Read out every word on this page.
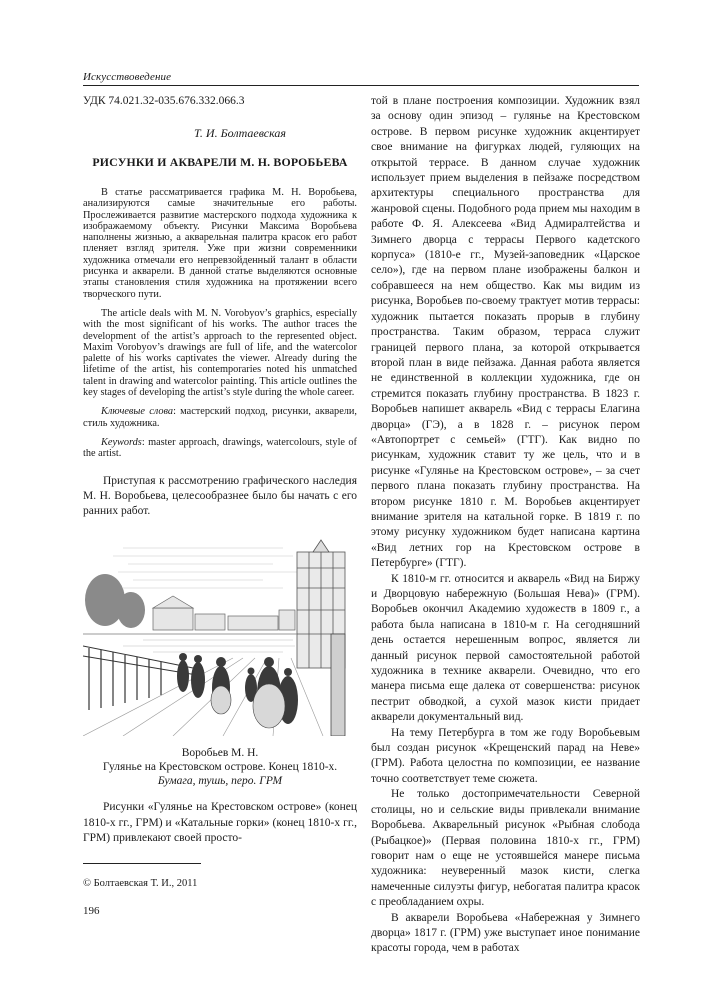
Искусствоведение
УДК 74.021.32-035.676.332.066.3
Т. И. Болтаевская
РИСУНКИ И АКВАРЕЛИ М. Н. ВОРОБЬЕВА

В статье рассматривается графика М. Н. Воробьева, анализируются самые значительные его работы. Прослеживается развитие мастерского подхода художника к изображаемому объекту. Рисунки Максима Воробьева наполнены жизнью, а акварельная палитра красок его работ пленяет взгляд зрителя. Уже при жизни современники художника отмечали его непревзойденный талант в области рисунка и акварели. В данной статье выделяются основные этапы становления стиля художника на протяжении всего творческого пути.

The article deals with M. N. Vorobyov’s graphics, especially with the most significant of his works. The author traces the development of the artist’s approach to the represented object. Maxim Vorobyov’s drawings are full of life, and the watercolor palette of his works captivates the viewer. Already during the lifetime of the artist, his contemporaries noted his unmatched talent in drawing and watercolor painting. This article outlines the key stages of developing the artist’s style during the whole career.

Ключевые слова: мастерский подход, рисунки, акварели, стиль художника.

Keywords: master approach, drawings, watercolours, style of the artist.

Приступая к рассмотрению графического наследия М. Н. Воробьева, целесообразнее было бы начать с его ранних работ.

Воробьев М. Н.
Гулянье на Крестовском острове. Конец 1810-х.
Бумага, тушь, перо. ГРМ

Рисунки «Гулянье на Крестовском острове» (конец 1810-х гг., ГРМ) и «Катальные горки» (конец 1810-х гг., ГРМ) привлекают своей просто-

© Болтаевская Т. И., 2011

той в плане построения композиции. Художник взял за основу один эпизод – гулянье на Крестовском острове. В первом рисунке художник акцентирует свое внимание на фигурках людей, гуляющих на открытой террасе. В данном случае художник использует прием выделения в пейзаже посредством архитектуры специального пространства для жанровой сцены. Подобного рода прием мы находим в работе Ф. Я. Алексеева «Вид Адмиралтейства и Зимнего дворца с террасы Первого кадетского корпуса» (1810-е гг., Музей-заповедник «Царское село»), где на первом плане изображены балкон и собравшееся на нем общество. Как мы видим из рисунка, Воробьев по-своему трактует мотив террасы: художник пытается показать прорыв в глубину пространства. Таким образом, терраса служит границей первого плана, за которой открывается второй план в виде пейзажа. Данная работа является не единственной в коллекции художника, где он стремится показать глубину пространства. В 1823 г. Воробьев напишет акварель «Вид с террасы Елагина дворца» (ГЭ), а в 1828 г. – рисунок пером «Автопортрет с семьей» (ГТГ). Как видно по рисункам, художник ставит ту же цель, что и в рисунке «Гулянье на Крестовском острове», – за счет первого плана показать глубину пространства. На втором рисунке 1810 г. М. Воробьев акцентирует внимание зрителя на катальной горке. В 1819 г. по этому рисунку художником будет написана картина «Вид летних гор на Крестовском острове в Петербурге» (ГТГ).

К 1810-м гг. относится и акварель «Вид на Биржу и Дворцовую набережную (Большая Нева)» (ГРМ). Воробьев окончил Академию художеств в 1809 г., а работа была написана в 1810-м г. На сегодняшний день остается нерешенным вопрос, является ли данный рисунок первой самостоятельной работой художника в технике акварели. Очевидно, что его манера письма еще далека от совершенства: рисунок пестрит обводкой, а сухой мазок кисти придает акварели документальный вид.

На тему Петербурга в том же году Воробьевым был создан рисунок «Крещенский парад на Неве» (ГРМ). Работа целостна по композиции, ее название точно соответствует теме сюжета.

Не только достопримечательности Северной столицы, но и сельские виды привлекали внимание Воробьева. Акварельный рисунок «Рыбная слобода (Рыбацкое)» (Первая половина 1810-х гг., ГРМ) говорит нам о еще не устоявшейся манере письма художника: неуверенный мазок кисти, слегка намеченные силуэты фигур, небогатая палитра красок с преобладанием охры.

В акварели Воробьева «Набережная у Зимнего дворца» 1817 г. (ГРМ) уже выступает иное понимание красоты города, чем в работах

196
